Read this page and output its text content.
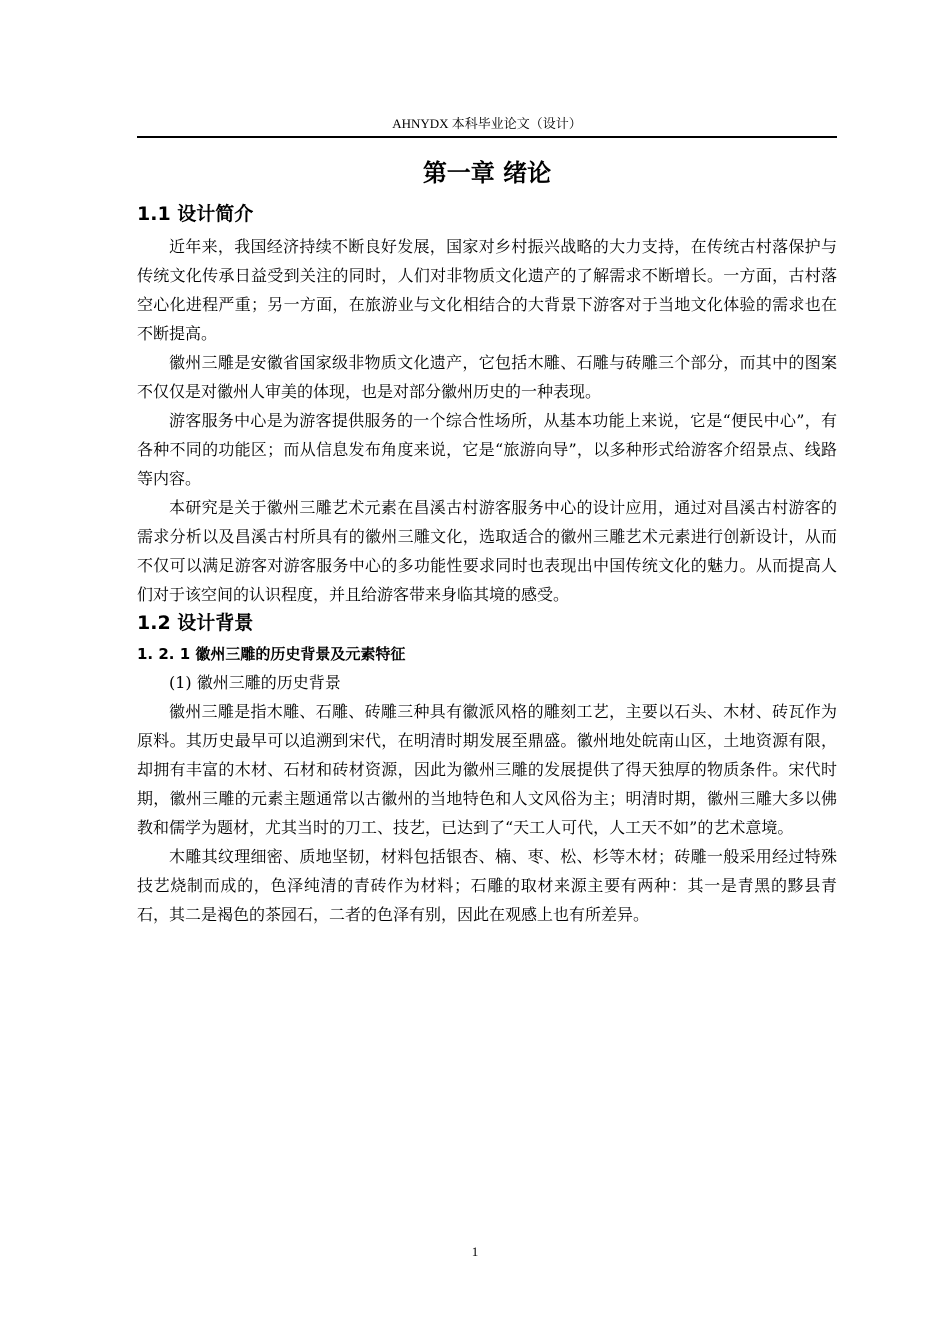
AHNYDX 本科毕业论文（设计）
第一章 绪论
1.1 设计简介

近年来，我国经济持续不断良好发展，国家对乡村振兴战略的大力支持，在传统古村落保护与传统文化传承日益受到关注的同时，人们对非物质文化遗产的了解需求不断增长。一方面，古村落空心化进程严重；另一方面，在旅游业与文化相结合的大背景下游客对于当地文化体验的需求也在不断提高。

徽州三雕是安徽省国家级非物质文化遗产，它包括木雕、石雕与砖雕三个部分，而其中的图案不仅仅是对徽州人审美的体现，也是对部分徽州历史的一种表现。

游客服务中心是为游客提供服务的一个综合性场所，从基本功能上来说，它是“便民中心”，有各种不同的功能区；而从信息发布角度来说，它是“旅游向导”，以多种形式给游客介绍景点、线路等内容。

本研究是关于徽州三雕艺术元素在昌溪古村游客服务中心的设计应用，通过对昌溪古村游客的需求分析以及昌溪古村所具有的徽州三雕文化，选取适合的徽州三雕艺术元素进行创新设计，从而不仅可以满足游客对游客服务中心的多功能性要求同时也表现出中国传统文化的魅力。从而提高人们对于该空间的认识程度，并且给游客带来身临其境的感受。

1.2 设计背景
1. 2. 1 徽州三雕的历史背景及元素特征

(1) 徽州三雕的历史背景

徽州三雕是指木雕、石雕、砖雕三种具有徽派风格的雕刻工艺，主要以石头、木材、砖瓦作为原料。其历史最早可以追溯到宋代，在明清时期发展至鼎盛。徽州地处皖南山区，土地资源有限，却拥有丰富的木材、石材和砖材资源，因此为徽州三雕的发展提供了得天独厚的物质条件。宋代时期，徽州三雕的元素主题通常以古徽州的当地特色和人文风俗为主；明清时期，徽州三雕大多以佛教和儒学为题材，尤其当时的刀工、技艺，已达到了“天工人可代，人工天不如”的艺术意境。

木雕其纹理细密、质地坚韧，材料包括银杏、楠、枣、松、杉等木材；砖雕一般采用经过特殊技艺烧制而成的，色泽纯清的青砖作为材料；石雕的取材来源主要有两种：其一是青黑的黟县青石，其二是褐色的茶园石，二者的色泽有别，因此在观感上也有所差异。

1
